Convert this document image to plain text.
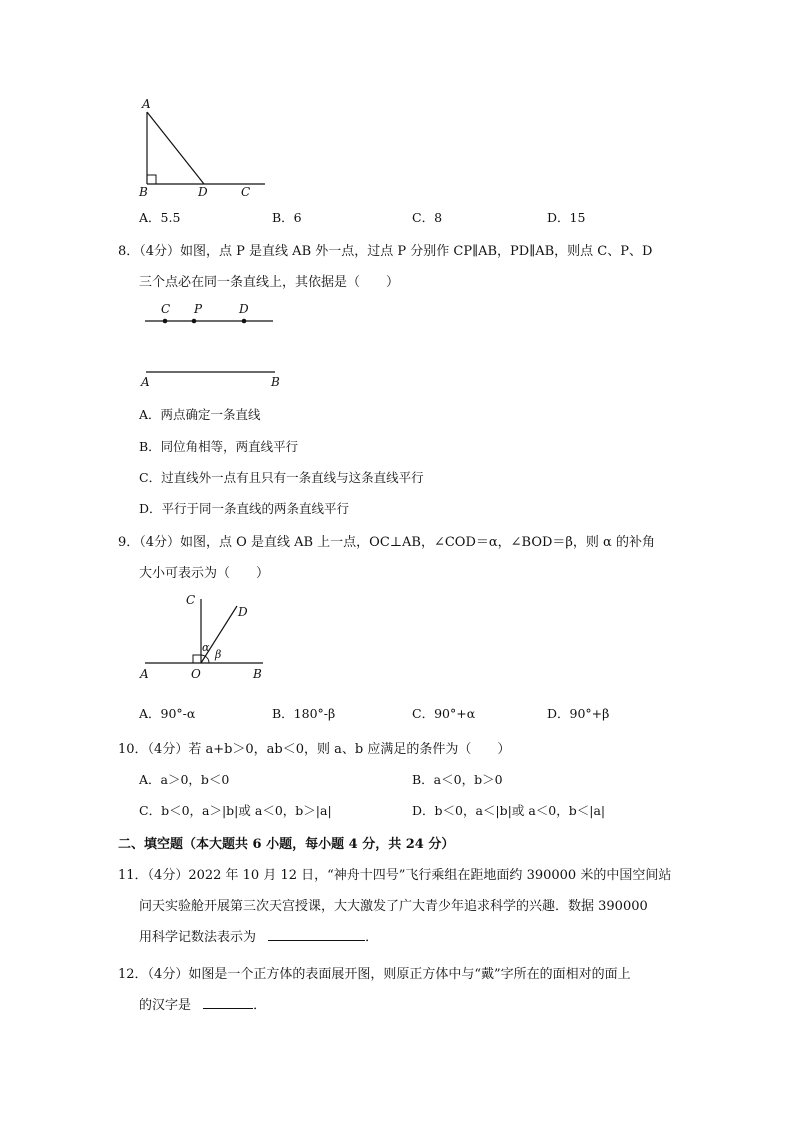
A
B	D	C
A．5.5	B．6	C．8	D．15
8．（4分）如图，点 P 是直线 AB 外一点，过点 P 分别作 CP∥AB，PD∥AB，则点 C、P、D
三个点必在同一条直线上，其依据是（　　）
C P	D
A	B
A．两点确定一条直线
B．同位角相等，两直线平行
C．过直线外一点有且只有一条直线与这条直线平行
D．平行于同一条直线的两条直线平行
9．（4分）如图，点 O 是直线 AB 上一点，OC⊥AB，∠COD＝α，∠BOD＝β，则 α 的补角
大小可表示为（　　）
C
D
α
β
A	O	B
A．90°-α	B．180°-β	C．90°+α	D．90°+β
10．（4分）若 a+b＞0，ab＜0，则 a、b 应满足的条件为（　　）
A．a＞0，b＜0	B．a＜0，b＞0
C．b＜0，a＞|b|或 a＜0，b＞|a|	D．b＜0，a＜|b|或 a＜0，b＜|a|
二、填空题（本大题共 6 小题，每小题 4 分，共 24 分）
11．（4分）2022 年 10 月 12 日，“神舟十四号”飞行乘组在距地面约 390000 米的中国空间站
问天实验舱开展第三次天宫授课，大大激发了广大青少年追求科学的兴趣．数据 390000
用科学记数法表示为	．
12．（4分）如图是一个正方体的表面展开图，则原正方体中与“戴”字所在的面相对的面上
的汉字是	．
